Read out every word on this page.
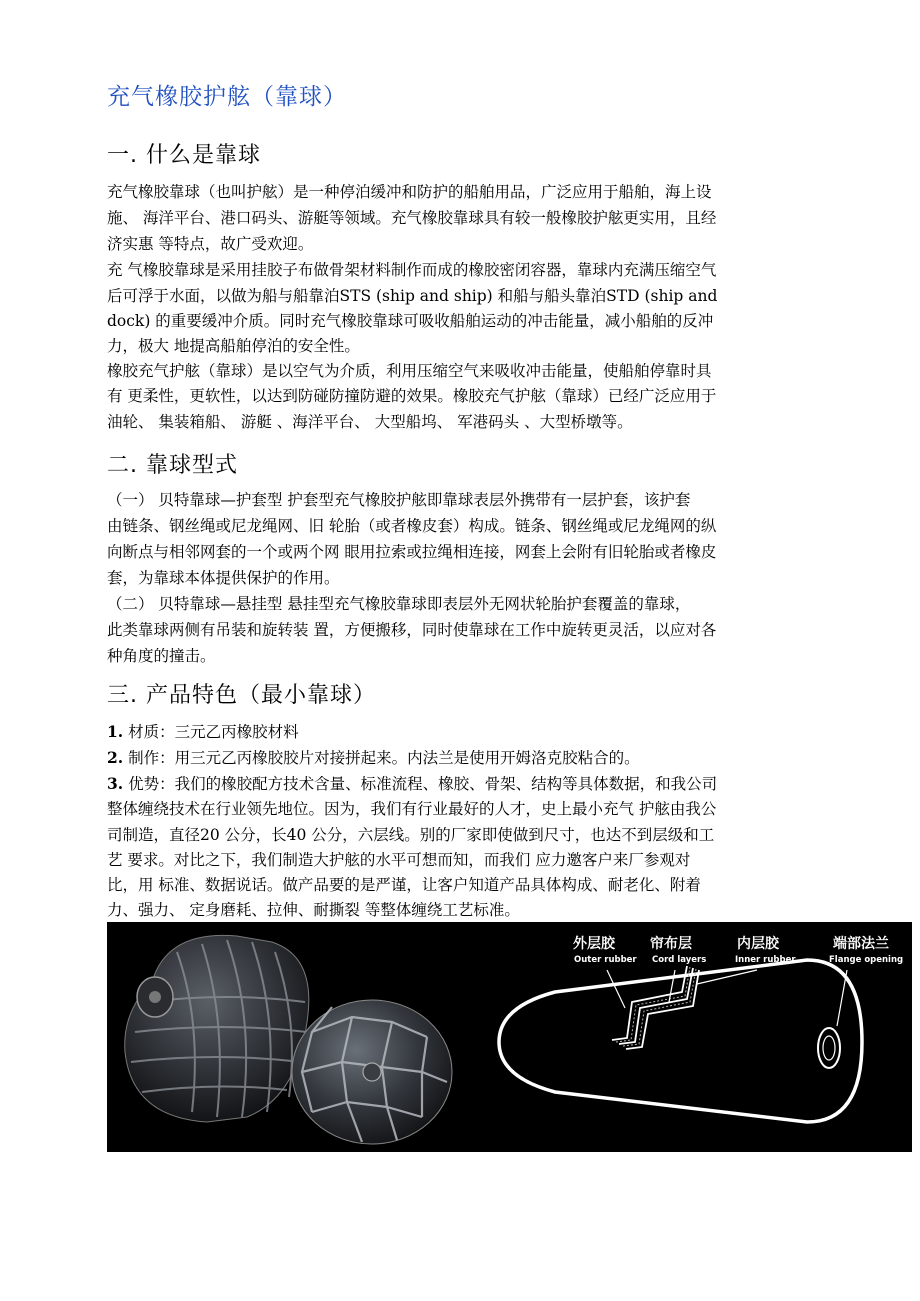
充气橡胶护舷（靠球）
一. 什么是靠球
充气橡胶靠球（也叫护舷）是一种停泊缓冲和防护的船舶用品，广泛应用于船舶，海上设
施、 海洋平台、港口码头、游艇等领域。充气橡胶靠球具有较一般橡胶护舷更实用，且经
济实惠 等特点，故广受欢迎。
充 气橡胶靠球是采用挂胶子布做骨架材料制作而成的橡胶密闭容器，靠球内充满压缩空气
后可浮于水面，以做为船与船靠泊STS (ship and ship) 和船与船头靠泊STD (ship and
dock) 的重要缓冲介质。同时充气橡胶靠球可吸收船舶运动的冲击能量，减小船舶的反冲
力，极大 地提高船舶停泊的安全性。
橡胶充气护舷（靠球）是以空气为介质，利用压缩空气来吸收冲击能量，使船舶停靠时具
有 更柔性，更软性，以达到防碰防撞防避的效果。橡胶充气护舷（靠球）已经广泛应用于
油轮、 集装箱船、 游艇 、海洋平台、 大型船坞、 军港码头 、大型桥墩等。
二. 靠球型式
（一） 贝特靠球—护套型 护套型充气橡胶护舷即靠球表层外携带有一层护套，该护套
由链条、钢丝绳或尼龙绳网、旧 轮胎（或者橡皮套）构成。链条、钢丝绳或尼龙绳网的纵
向断点与相邻网套的一个或两个网 眼用拉索或拉绳相连接，网套上会附有旧轮胎或者橡皮
套，为靠球本体提供保护的作用。
（二） 贝特靠球—悬挂型 悬挂型充气橡胶靠球即表层外无网状轮胎护套覆盖的靠球，
此类靠球两侧有吊装和旋转装 置，方便搬移，同时使靠球在工作中旋转更灵活，以应对各
种角度的撞击。
三. 产品特色（最小靠球）
1. 材质：三元乙丙橡胶材料
2. 制作：用三元乙丙橡胶胶片对接拼起来。内法兰是使用开姆洛克胶粘合的。
3. 优势：我们的橡胶配方技术含量、标准流程、橡胶、骨架、结构等具体数据，和我公司
整体缠绕技术在行业领先地位。因为，我们有行业最好的人才，史上最小充气 护舷由我公
司制造，直径20 公分，长40 公分，六层线。别的厂家即使做到尺寸，也达不到层级和工
艺 要求。对比之下，我们制造大护舷的水平可想而知，而我们 应力邀客户来厂参观对
比，用 标准、数据说话。做产品要的是严谨，让客户知道产品具体构成、耐老化、附着
力、强力、 定身磨耗、拉伸、耐撕裂 等整体缠绕工艺标准。
外层胶
Outer rubber
帘布层
Cord layers
内层胶
Inner rubber
端部法兰
Flange opening
